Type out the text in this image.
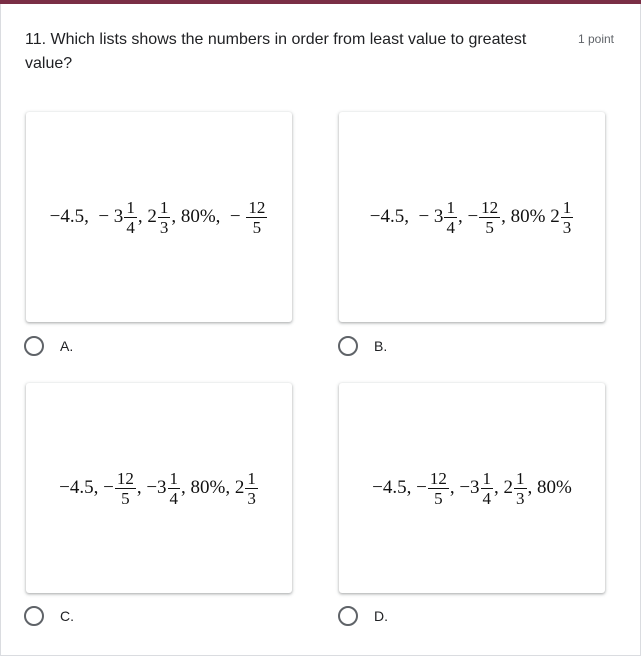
11. Which lists shows the numbers in order from least value to greatest value?
1 point
−4.5,  − $3 \frac{1}{4}$ , $2 \frac{1}{3}$ , 80%,  − $\frac{12}{5}$
A.
−4.5,  − $3 \frac{1}{4}$ , − $\frac{12}{5}$ , 80% $2 \frac{1}{3}$
B.
−4.5, − $\frac{12}{5}$ , $-3 \frac{1}{4}$ , 80%, $2 \frac{1}{3}$
C.
−4.5, − $\frac{12}{5}$ , $-3 \frac{1}{4}$ , $2 \frac{1}{3}$ , 80%
D.
